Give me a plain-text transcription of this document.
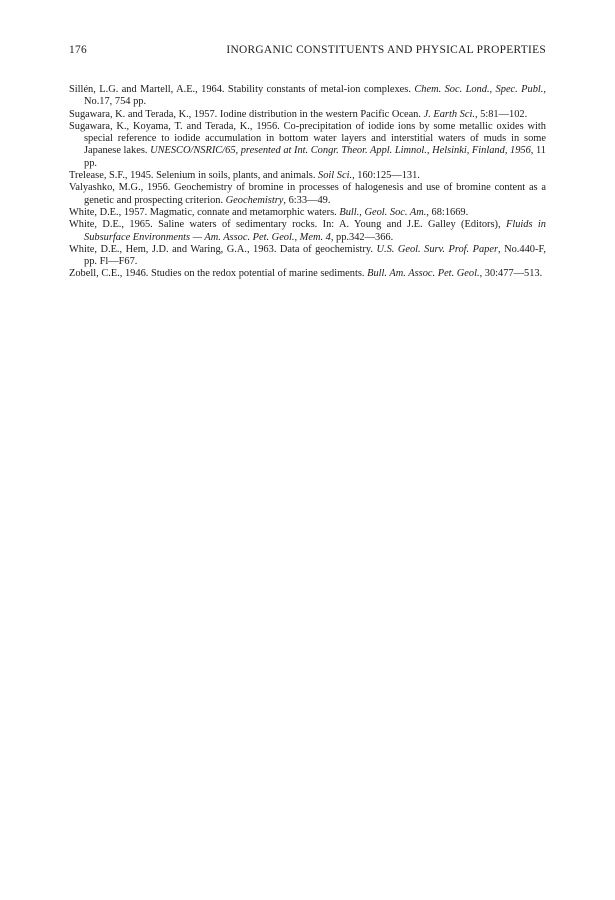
176	INORGANIC CONSTITUENTS AND PHYSICAL PROPERTIES
Sillén, L.G. and Martell, A.E., 1964. Stability constants of metal-ion complexes. Chem. Soc. Lond., Spec. Publ., No.17, 754 pp.
Sugawara, K. and Terada, K., 1957. Iodine distribution in the western Pacific Ocean. J. Earth Sci., 5:81—102.
Sugawara, K., Koyama, T. and Terada, K., 1956. Co-precipitation of iodide ions by some metallic oxides with special reference to iodide accumulation in bottom water layers and interstitial waters of muds in some Japanese lakes. UNESCO/NSRIC/65, presented at Int. Congr. Theor. Appl. Limnol., Helsinki, Finland, 1956, 11 pp.
Trelease, S.F., 1945. Selenium in soils, plants, and animals. Soil Sci., 160:125—131.
Valyashko, M.G., 1956. Geochemistry of bromine in processes of halogenesis and use of bromine content as a genetic and prospecting criterion. Geochemistry, 6:33—49.
White, D.E., 1957. Magmatic, connate and metamorphic waters. Bull., Geol. Soc. Am., 68:1669.
White, D.E., 1965. Saline waters of sedimentary rocks. In: A. Young and J.E. Galley (Editors), Fluids in Subsurface Environments — Am. Assoc. Pet. Geol., Mem. 4, pp.342—366.
White, D.E., Hem, J.D. and Waring, G.A., 1963. Data of geochemistry. U.S. Geol. Surv. Prof. Paper, No.440-F, pp. Fl—F67.
Zobell, C.E., 1946. Studies on the redox potential of marine sediments. Bull. Am. Assoc. Pet. Geol., 30:477—513.
